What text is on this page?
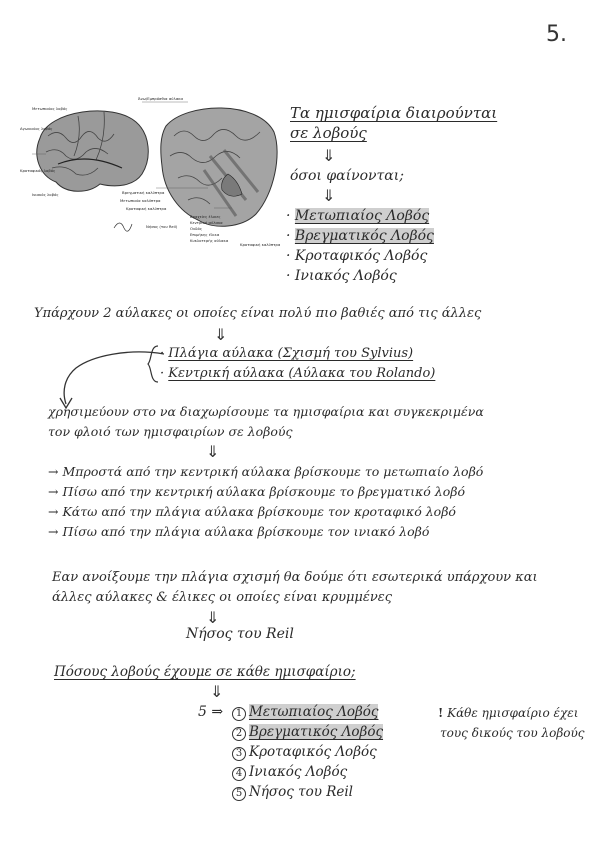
5.
Μετωπιαίος λοβός
Αγωνιαίος λοβός
Κροταφικός λοβός
Ινιακός λοβός
Άνω/Εμπρόσθια αύλακα
Βρεγματική καλύπτρα
Μετωπιαία καλύπτρα
Κροταφική καλύπτρα
Βραχείες έλικες
Κεντρική αύλακα
Ουδός
Επιμήκης έλικα
Κυκλοτερής αύλακα
Νήσος (του Reil)
Κροταφική καλύπτρα
Τα ημισφαίρια διαιρούνται
σε λοβούς
⇓
όσοι φαίνονται;
⇓
· Μετωπιαίος Λοβός
· Βρεγματικός Λοβός
· Κροταφικός Λοβός
· Ινιακός Λοβός
Υπάρχουν 2 αύλακες οι οποίες είναι πολύ πιο βαθιές από τις άλλες
⇓
· Πλάγια αύλακα (Σχισμή του Sylvius)
· Κεντρική αύλακα (Αύλακα του Rolando)
χρησιμεύουν στο να διαχωρίσουμε τα ημισφαίρια και συγκεκριμένα
τον φλοιό των ημισφαιρίων σε λοβούς
⇓
→ Μπροστά από την κεντρική αύλακα βρίσκουμε το μετωπιαίο λοβό
→ Πίσω από την κεντρική αύλακα βρίσκουμε το βρεγματικό λοβό
→ Κάτω από την πλάγια αύλακα βρίσκουμε τον κροταφικό λοβό
→ Πίσω από την πλάγια αύλακα βρίσκουμε τον ινιακό λοβό
Εαν ανοίξουμε την πλάγια σχισμή θα δούμε ότι εσωτερικά υπάρχουν και
άλλες αύλακες & έλικες οι οποίες είναι κρυμμένες
⇓
Νήσος του Reil
Πόσους λοβούς έχουμε σε κάθε ημισφαίριο;
⇓
5 ⇒	1 Μετωπιαίος Λοβός
2 Βρεγματικός Λοβός
3 Κροταφικός Λοβός
4 Ινιακός Λοβός
5 Νήσος του Reil
! Κάθε ημισφαίριο έχει
τους δικούς του λοβούς
